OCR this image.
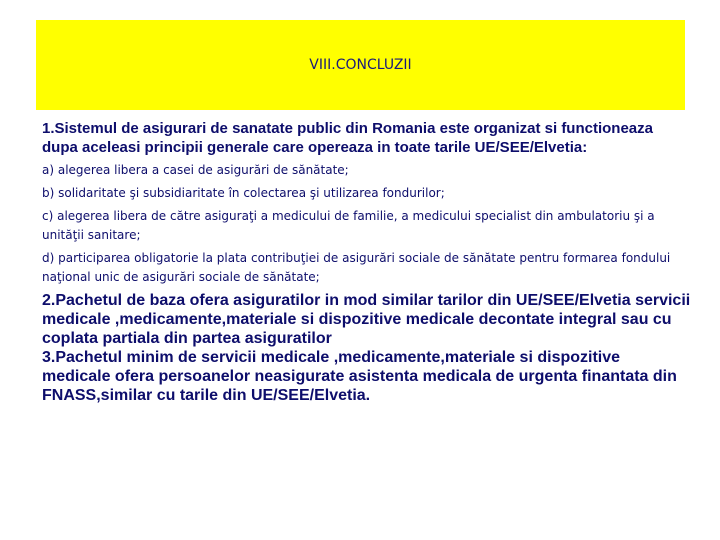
VIII.CONCLUZII

1.Sistemul de asigurari de sanatate public din Romania este organizat si functioneaza dupa aceleasi principii generale care opereaza in toate tarile UE/SEE/Elvetia:

a) alegerea libera a casei de asigurări de sănătate;

b) solidaritate şi subsidiaritate în colectarea şi utilizarea fondurilor;

c) alegerea libera de către asiguraţi a medicului de familie, a medicului specialist din ambulatoriu şi a unităţii sanitare;

d) participarea obligatorie la plata contribuţiei de asigurări sociale de sănătate pentru formarea fondului naţional unic de asigurări sociale de sănătate;

2.Pachetul de baza ofera asiguratilor in mod similar tarilor din UE/SEE/Elvetia servicii medicale ,medicamente,materiale si dispozitive medicale decontate integral sau cu coplata partiala din partea asiguratilor

3.Pachetul minim de servicii medicale ,medicamente,materiale si dispozitive medicale ofera persoanelor neasigurate asistenta medicala de urgenta finantata din FNASS,similar cu tarile din UE/SEE/Elvetia.
